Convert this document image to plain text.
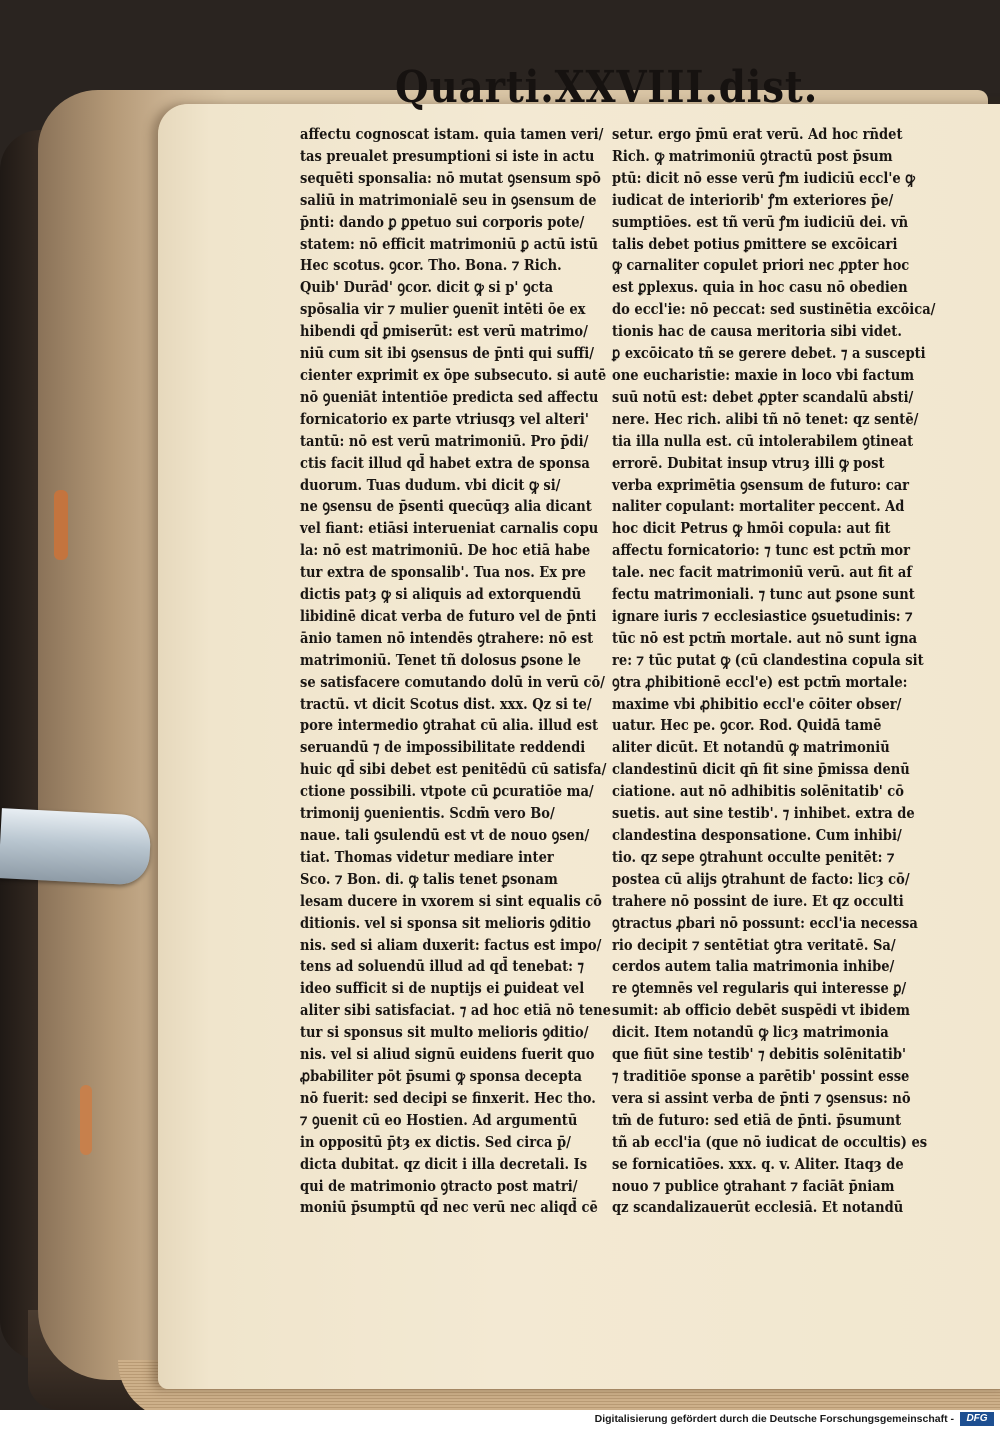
Quarti.XXVIII.dist.
affectu cognoscat istam. quia tamen veri/
tas preualet presumptioni si iste in actu
sequēti sponsalia: nō mutat ꝯsensum spō
saliū in matrimonialē seu in ꝯsensum de
p̄nti: dando ꝑ ꝑpetuo sui corporis pote/
statem: nō efficit matrimoniū ꝑ actū istū
Hec scotus. ꝯcor. Tho. Bona. ⁊ Rich.
Quib' Durād' ꝯcor. dicit ꝙ si p' ꝯcta
spōsalia vir ⁊ mulier ꝯuenīt intēti ōe ex
hibendi qd̄ ꝑmiserūt: est verū matrimo/
niū cum sit ibi ꝯsensus de p̄nti qui suffi/
cienter exprimit ex ōpe subsecuto. si autē
nō ꝯueniāt intentiōe predicta sed affectu
fornicatorio ex parte vtriusqȝ vel alteri'
tantū: nō est verū matrimoniū. Pro p̄di/
ctis facit illud qd̄ habet extra de sponsa
duorum. Tuas dudum. vbi dicit ꝙ si/
ne ꝯsensu de p̄senti quecūqȝ alia dicant
vel fiant: etiāsi interueniat carnalis copu
la: nō est matrimoniū. De hoc etiā habe
tur extra de sponsalib'. Tua nos. Ex pre
dictis patȝ ꝙ si aliquis ad extorquendū
libidinē dicat verba de futuro vel de p̄nti
ānio tamen nō intendēs ꝯtrahere: nō est
matrimoniū. Tenet tñ dolosus ꝑsone le
se satisfacere comutando dolū in verū cō/
tractū. vt dicit Scotus dist. xxx. Qz si te/
pore intermedio ꝯtrahat cū alia. illud est
seruandū ⁊ de impossibilitate reddendi
huic qd̄ sibi debet est penitēdū cū satisfa/
ctione possibili. vtpote cū ꝑcuratiōe ma/
trimonij ꝯuenientis. Scdm̄ vero Bo/
naue. tali ꝯsulendū est vt de nouo ꝯsen/
tiat. Thomas videtur mediare inter
Sco. ⁊ Bon. di. ꝙ talis tenet ꝑsonam
lesam ducere in vxorem si sint equalis cō
ditionis. vel si sponsa sit melioris ꝯditio
nis. sed si aliam duxerit: factus est impo/
tens ad soluendū illud ad qd̄ tenebat: ⁊
ideo sufficit si de nuptijs ei ꝑuideat vel
aliter sibi satisfaciat. ⁊ ad hoc etiā nō tene
tur si sponsus sit multo melioris ꝯditio/
nis. vel si aliud signū euidens fuerit quo
ꝓbabiliter pōt p̄sumi ꝙ sponsa decepta
nō fuerit: sed decipi se finxerit. Hec tho.
⁊ ꝯuenit cū eo Hostien. Ad argumentū
in oppositū p̄tȝ ex dictis. Sed circa p̄/
dicta dubitat. qz dicit i illa decretali. Is
qui de matrimonio ꝯtracto post matri/
moniū p̄sumptū qd̄ nec verū nec aliqd̄ cē
setur. ergo p̄mū erat verū. Ad hoc rn̄det
Rich. ꝙ matrimoniū ꝯtractū post p̄sum
ptū: dicit nō esse verū ꝭm iudiciū eccl'e ꝙ
iudicat de interiorib' ꝭm exteriores p̄e/
sumptiōes. est tñ verū ꝭm iudiciū dei. vn̄
talis debet potius ꝑmittere se excōicari
ꝙ carnaliter copulet priori nec ꝓpter hoc
est ꝑplexus. quia in hoc casu nō obedien
do eccl'ie: nō peccat: sed sustinētia excōica/
tionis hac de causa meritoria sibi videt.
ꝑ excōicato tñ se gerere debet. ⁊ a suscepti
one eucharistie: maxie in loco vbi factum
suū notū est: debet ꝓpter scandalū absti/
nere. Hec rich. alibi tñ nō tenet: qz sentē/
tia illa nulla est. cū intolerabilem ꝯtineat
errorē. Dubitat insup vtruȝ illi ꝙ post
verba exprimētia ꝯsensum de futuro: car
naliter copulant: mortaliter peccent. Ad
hoc dicit Petrus ꝙ hmōi copula: aut fit
affectu fornicatorio: ⁊ tunc est pctm̄ mor
tale. nec facit matrimoniū verū. aut fit af
fectu matrimoniali. ⁊ tunc aut ꝑsone sunt
ignare iuris ⁊ ecclesiastice ꝯsuetudinis: ⁊
tūc nō est pctm̄ mortale. aut nō sunt igna
re: ⁊ tūc putat ꝙ (cū clandestina copula sit
ꝯtra ꝓhibitionē eccl'e) est pctm̄ mortale:
maxime vbi ꝓhibitio eccl'e cōiter obser/
uatur. Hec pe. ꝯcor. Rod. Quidā tamē
aliter dicūt. Et notandū ꝙ matrimoniū
clandestinū dicit qn̄ fit sine p̄missa denū
ciatione. aut nō adhibitis solēnitatib' cō
suetis. aut sine testib'. ⁊ inhibet. extra de
clandestina desponsatione. Cum inhibi/
tio. qz sepe ꝯtrahunt occulte penitēt: ⁊
postea cū alijs ꝯtrahunt de facto: licȝ cō/
trahere nō possint de iure. Et qz occulti
ꝯtractus ꝓbari nō possunt: eccl'ia necessa
rio decipit ⁊ sentētiat ꝯtra veritatē. Sa/
cerdos autem talia matrimonia inhibe/
re ꝯtemnēs vel regularis qui interesse ꝑ/
sumit: ab officio debēt suspēdi vt ibidem
dicit. Item notandū ꝙ licȝ matrimonia
que fiūt sine testib' ⁊ debitis solēnitatib'
⁊ traditiōe sponse a parētib' possint esse
vera si assint verba de p̄nti ⁊ ꝯsensus: nō
tm̄ de futuro: sed etiā de p̄nti. p̄sumunt
tñ ab eccl'ia (que nō iudicat de occultis) es
se fornicatiōes. xxx. q. v. Aliter. Itaqȝ de
nouo ⁊ publice ꝯtrahant ⁊ faciāt p̄niam
qz scandalizauerūt ecclesiā. Et notandū
Digitalisierung gefördert durch die Deutsche Forschungsgemeinschaft -	DFG
